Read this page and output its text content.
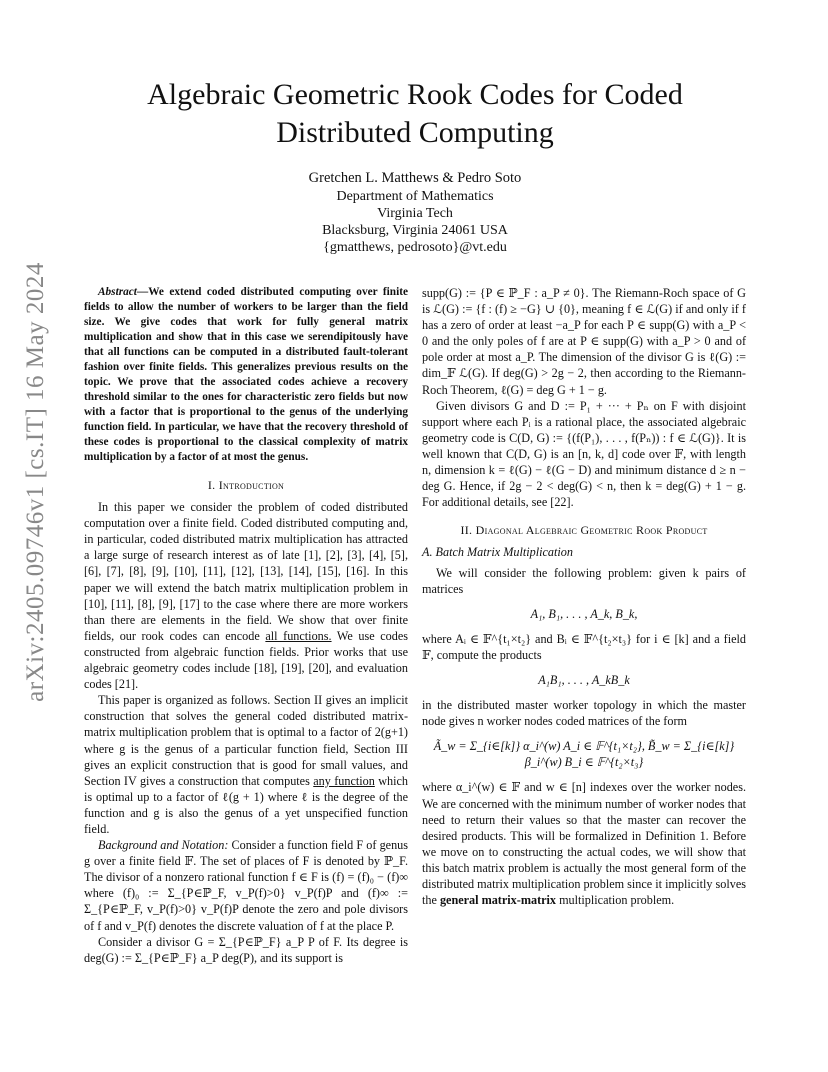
arXiv:2405.09746v1 [cs.IT] 16 May 2024
Algebraic Geometric Rook Codes for Coded Distributed Computing
Gretchen L. Matthews & Pedro Soto
Department of Mathematics
Virginia Tech
Blacksburg, Virginia 24061 USA
{gmatthews, pedrosoto}@vt.edu

Abstract—We extend coded distributed computing over finite fields to allow the number of workers to be larger than the field size. We give codes that work for fully general matrix multiplication and show that in this case we serendipitously have that all functions can be computed in a distributed fault-tolerant fashion over finite fields. This generalizes previous results on the topic. We prove that the associated codes achieve a recovery threshold similar to the ones for characteristic zero fields but now with a factor that is proportional to the genus of the underlying function field. In particular, we have that the recovery threshold of these codes is proportional to the classical complexity of matrix multiplication by a factor of at most the genus.

I. Introduction

In this paper we consider the problem of coded distributed computation over a finite field. Coded distributed computing and, in particular, coded distributed matrix multiplication has attracted a large surge of research interest as of late [1], [2], [3], [4], [5], [6], [7], [8], [9], [10], [11], [12], [13], [14], [15], [16]. In this paper we will extend the batch matrix multiplication problem in [10], [11], [8], [9], [17] to the case where there are more workers than there are elements in the field. We show that over finite fields, our rook codes can encode all functions. We use codes constructed from algebraic function fields. Prior works that use algebraic geometry codes include [18], [19], [20], and evaluation codes [21].

This paper is organized as follows. Section II gives an implicit construction that solves the general coded distributed matrix-matrix multiplication problem that is optimal to a factor of 2(g+1) where g is the genus of a particular function field, Section III gives an explicit construction that is good for small values, and Section IV gives a construction that computes any function which is optimal up to a factor of ℓ(g + 1) where ℓ is the degree of the function and g is also the genus of a yet unspecified function field.

Background and Notation: Consider a function field F of genus g over a finite field 𝔽. The set of places of F is denoted by ℙ_F. The divisor of a nonzero rational function f ∈ F is (f) = (f)₀ − (f)∞ where (f)₀ := Σ_{P∈ℙ_F, v_P(f)>0} v_P(f)P and (f)∞ := Σ_{P∈ℙ_F, v_P(f)>0} v_P(f)P denote the zero and pole divisors of f and v_P(f) denotes the discrete valuation of f at the place P.

Consider a divisor G = Σ_{P∈ℙ_F} a_P P of F. Its degree is deg(G) := Σ_{P∈ℙ_F} a_P deg(P), and its support is

supp(G) := {P ∈ ℙ_F : a_P ≠ 0}. The Riemann-Roch space of G is ℒ(G) := {f : (f) ≥ −G} ∪ {0}, meaning f ∈ ℒ(G) if and only if f has a zero of order at least −a_P for each P ∈ supp(G) with a_P < 0 and the only poles of f are at P ∈ supp(G) with a_P > 0 and of pole order at most a_P. The dimension of the divisor G is ℓ(G) := dim_𝔽 ℒ(G). If deg(G) > 2g − 2, then according to the Riemann-Roch Theorem, ℓ(G) = deg G + 1 − g.

Given divisors G and D := P₁ + ··· + Pₙ on F with disjoint support where each Pᵢ is a rational place, the associated algebraic geometry code is C(D, G) := {(f(P₁), . . . , f(Pₙ)) : f ∈ ℒ(G)}. It is well known that C(D, G) is an [n, k, d] code over 𝔽, with length n, dimension k = ℓ(G) − ℓ(G − D) and minimum distance d ≥ n − deg G. Hence, if 2g − 2 < deg(G) < n, then k = deg(G) + 1 − g. For additional details, see [22].

II. Diagonal Algebraic Geometric Rook Product
A. Batch Matrix Multiplication

We will consider the following problem: given k pairs of matrices

A₁, B₁, . . . , A_k, B_k,

where Aᵢ ∈ 𝔽^{t₁×t₂} and Bᵢ ∈ 𝔽^{t₂×t₃} for i ∈ [k] and a field 𝔽, compute the products

A₁B₁, . . . , A_kB_k

in the distributed master worker topology in which the master node gives n worker nodes coded matrices of the form

Ã_w = Σ_{i∈[k]} α_i^(w) A_i ∈ 𝔽^{t₁×t₂}, B̃_w = Σ_{i∈[k]} β_i^(w) B_i ∈ 𝔽^{t₂×t₃}

where α_i^(w) ∈ 𝔽 and w ∈ [n] indexes over the worker nodes. We are concerned with the minimum number of worker nodes that need to return their values so that the master can recover the desired products. This will be formalized in Definition 1. Before we move on to constructing the actual codes, we will show that this batch matrix problem is actually the most general form of the distributed matrix multiplication problem since it implicitly solves the general matrix-matrix multiplication problem.
